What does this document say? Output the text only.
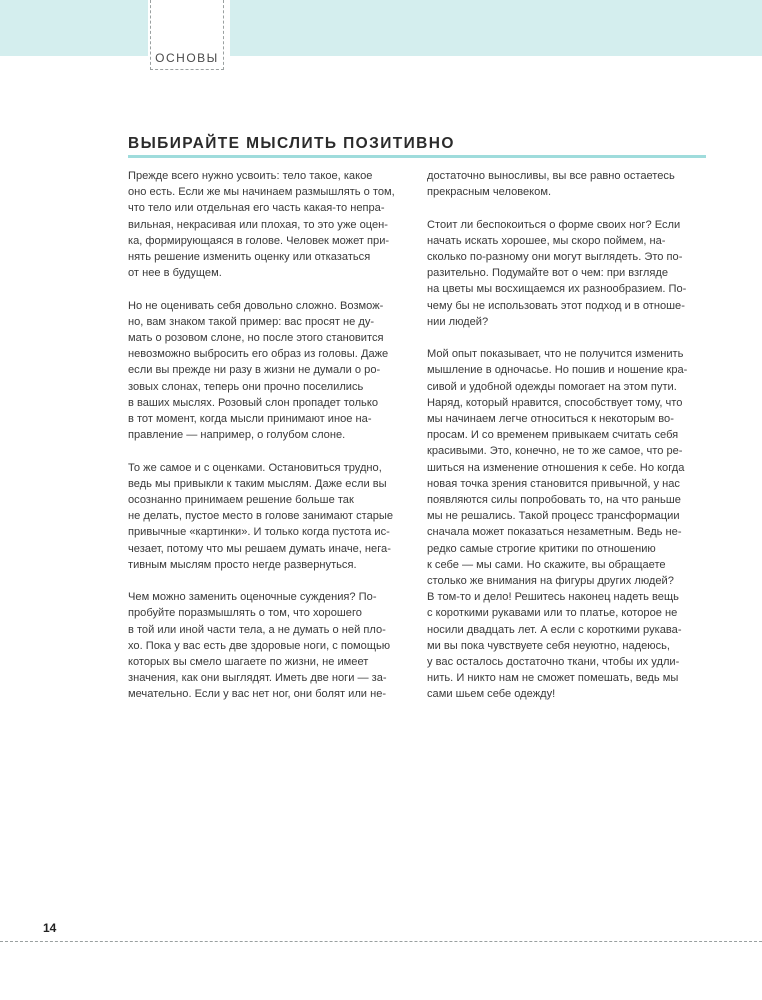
ОСНОВЫ
ВЫБИРАЙТЕ МЫСЛИТЬ ПОЗИТИВНО
Прежде всего нужно усвоить: тело такое, какое
оно есть. Если же мы начинаем размышлять о том,
что тело или отдельная его часть какая-то непра-
вильная, некрасивая или плохая, то это уже оцен-
ка, формирующаяся в голове. Человек может при-
нять решение изменить оценку или отказаться
от нее в будущем.
Но не оценивать себя довольно сложно. Возмож-
но, вам знаком такой пример: вас просят не ду-
мать о розовом слоне, но после этого становится
невозможно выбросить его образ из головы. Даже
если вы прежде ни разу в жизни не думали о ро-
зовых слонах, теперь они прочно поселились
в ваших мыслях. Розовый слон пропадет только
в тот момент, когда мысли принимают иное на-
правление — например, о голубом слоне.
То же самое и с оценками. Остановиться трудно,
ведь мы привыкли к таким мыслям. Даже если вы
осознанно принимаем решение больше так
не делать, пустое место в голове занимают старые
привычные «картинки». И только когда пустота ис-
чезает, потому что мы решаем думать иначе, нега-
тивным мыслям просто негде развернуться.
Чем можно заменить оценочные суждения? По-
пробуйте поразмышлять о том, что хорошего
в той или иной части тела, а не думать о ней пло-
хо. Пока у вас есть две здоровые ноги, с помощью
которых вы смело шагаете по жизни, не имеет
значения, как они выглядят. Иметь две ноги — за-
мечательно. Если у вас нет ног, они болят или не-
достаточно выносливы, вы все равно остаетесь
прекрасным человеком.
Стоит ли беспокоиться о форме своих ног? Если
начать искать хорошее, мы скоро поймем, на-
сколько по-разному они могут выглядеть. Это по-
разительно. Подумайте вот о чем: при взгляде
на цветы мы восхищаемся их разнообразием. По-
чему бы не использовать этот подход и в отноше-
нии людей?
Мой опыт показывает, что не получится изменить
мышление в одночасье. Но пошив и ношение кра-
сивой и удобной одежды помогает на этом пути.
Наряд, который нравится, способствует тому, что
мы начинаем легче относиться к некоторым во-
просам. И со временем привыкаем считать себя
красивыми. Это, конечно, не то же самое, что ре-
шиться на изменение отношения к себе. Но когда
новая точка зрения становится привычной, у нас
появляются силы попробовать то, на что раньше
мы не решались. Такой процесс трансформации
сначала может показаться незаметным. Ведь не-
редко самые строгие критики по отношению
к себе — мы сами. Но скажите, вы обращаете
столько же внимания на фигуры других людей?
В том-то и дело! Решитесь наконец надеть вещь
с короткими рукавами или то платье, которое не
носили двадцать лет. А если с короткими рукава-
ми вы пока чувствуете себя неуютно, надеюсь,
у вас осталось достаточно ткани, чтобы их удли-
нить. И никто нам не сможет помешать, ведь мы
сами шьем себе одежду!
14
